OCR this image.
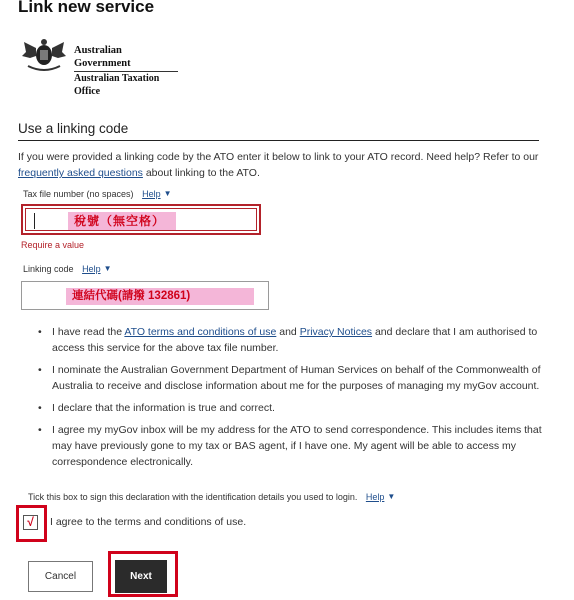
Link new service
Australian Government
Australian Taxation Office
Use a linking code
If you were provided a linking code by the ATO enter it below to link to your ATO record. Need help? Refer to our frequently asked questions about linking to the ATO.
Tax file number (no spaces) Help ▼
稅號（無空格）
Require a value
Linking code Help ▼
連結代碼(請撥 132861)
• I have read the ATO terms and conditions of use and Privacy Notices and declare that I am authorised to access this service for the above tax file number.
• I nominate the Australian Government Department of Human Services on behalf of the Commonwealth of Australia to receive and disclose information about me for the purposes of managing my myGov account.
• I declare that the information is true and correct.
• I agree my myGov inbox will be my address for the ATO to send correspondence. This includes items that may have previously gone to my tax or BAS agent, if I have one. My agent will be able to access my correspondence electronically.
Tick this box to sign this declaration with the identification details you used to login. Help ▼
√	I agree to the terms and conditions of use.
Cancel	Next
